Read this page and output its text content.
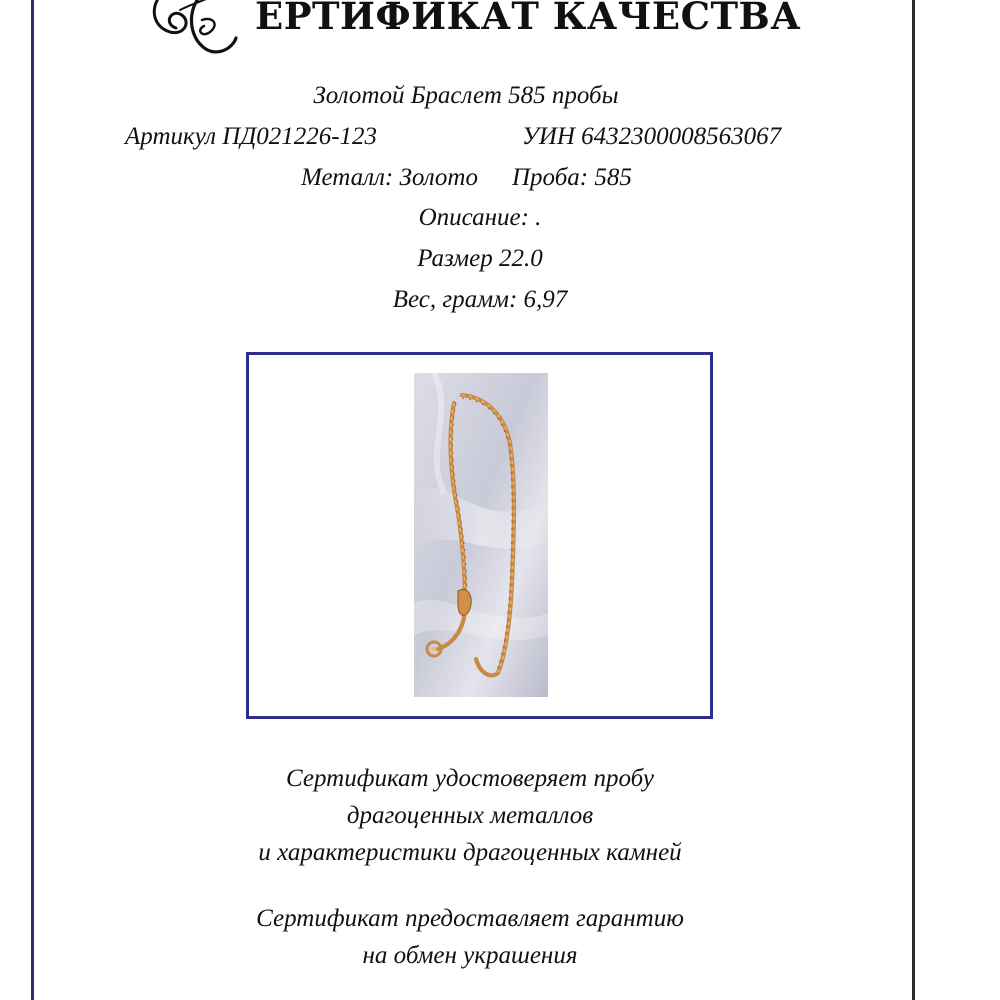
ЕРТИФИКАТ КАЧЕСТВА
Золотой Браслет 585 пробы
Артикул ПД021226-123	УИН 6432300008563067
Металл: Золото Проба: 585
Описание: .
Размер 22.0
Вес, грамм: 6,97
Сертификат удостоверяет пробу
драгоценных металлов
и характеристики драгоценных камней
Сертификат предоставляет гарантию
на обмен украшения
